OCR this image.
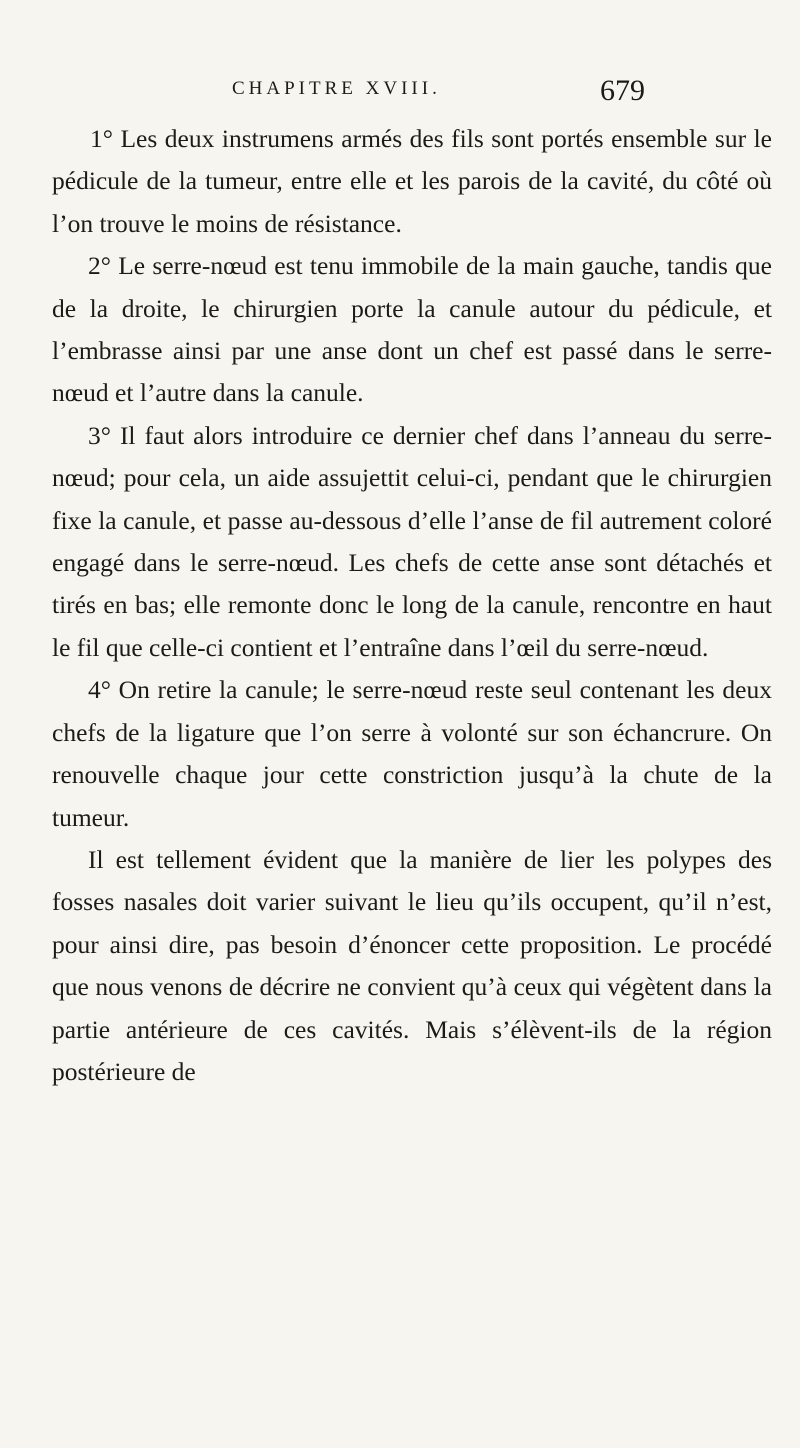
CHAPITRE XVIII.	679

1° Les deux instrumens armés des fils sont portés ensemble sur le pédicule de la tumeur, entre elle et les parois de la cavité, du côté où l’on trouve le moins de résistance.

2° Le serre-nœud est tenu immobile de la main gauche, tandis que de la droite, le chirurgien porte la canule autour du pédicule, et l’embrasse ainsi par une anse dont un chef est passé dans le serre-nœud et l’autre dans la canule.

3° Il faut alors introduire ce dernier chef dans l’anneau du serre-nœud; pour cela, un aide assujettit celui-ci, pendant que le chirurgien fixe la canule, et passe au-dessous d’elle l’anse de fil autrement coloré engagé dans le serre-nœud. Les chefs de cette anse sont détachés et tirés en bas; elle remonte donc le long de la canule, rencontre en haut le fil que celle-ci contient et l’entraîne dans l’œil du serre-nœud.

4° On retire la canule; le serre-nœud reste seul contenant les deux chefs de la ligature que l’on serre à volonté sur son échancrure. On renouvelle chaque jour cette constriction jusqu’à la chute de la tumeur.

Il est tellement évident que la manière de lier les polypes des fosses nasales doit varier suivant le lieu qu’ils occupent, qu’il n’est, pour ainsi dire, pas besoin d’énoncer cette proposition. Le procédé que nous venons de décrire ne convient qu’à ceux qui végètent dans la partie antérieure de ces cavités. Mais s’élèvent-ils de la région postérieure de
